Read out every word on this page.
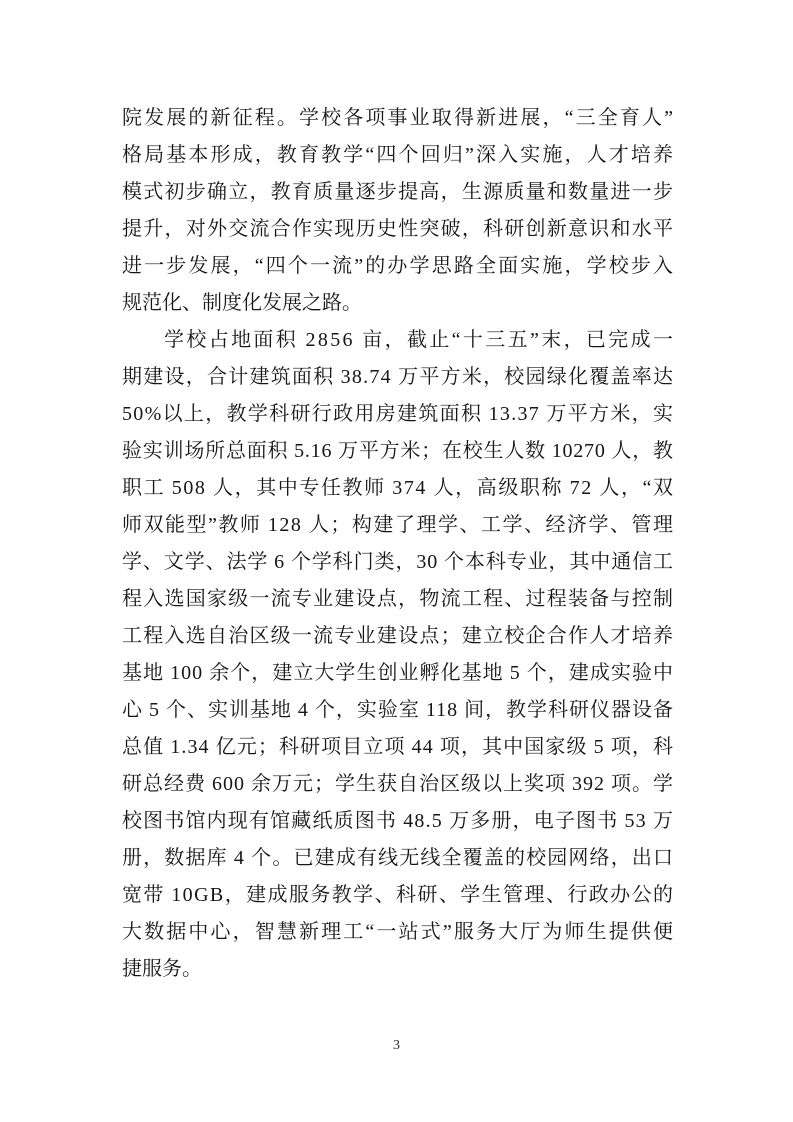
院发展的新征程。学校各项事业取得新进展，“三全育人”
格局基本形成，教育教学“四个回归”深入实施，人才培养
模式初步确立，教育质量逐步提高，生源质量和数量进一步
提升，对外交流合作实现历史性突破，科研创新意识和水平
进一步发展，“四个一流”的办学思路全面实施，学校步入
规范化、制度化发展之路。
学校占地面积 2856 亩，截止“十三五”末，已完成一
期建设，合计建筑面积 38.74 万平方米，校园绿化覆盖率达
50%以上，教学科研行政用房建筑面积 13.37 万平方米，实
验实训场所总面积 5.16 万平方米；在校生人数 10270 人，教
职工 508 人，其中专任教师 374 人，高级职称 72 人，“双
师双能型”教师 128 人；构建了理学、工学、经济学、管理
学、文学、法学 6 个学科门类，30 个本科专业，其中通信工
程入选国家级一流专业建设点，物流工程、过程装备与控制
工程入选自治区级一流专业建设点；建立校企合作人才培养
基地 100 余个，建立大学生创业孵化基地 5 个，建成实验中
心 5 个、实训基地 4 个，实验室 118 间，教学科研仪器设备
总值 1.34 亿元；科研项目立项 44 项，其中国家级 5 项，科
研总经费 600 余万元；学生获自治区级以上奖项 392 项。学
校图书馆内现有馆藏纸质图书 48.5 万多册，电子图书 53 万
册，数据库 4 个。已建成有线无线全覆盖的校园网络，出口
宽带 10GB，建成服务教学、科研、学生管理、行政办公的
大数据中心，智慧新理工“一站式”服务大厅为师生提供便
捷服务。
3
